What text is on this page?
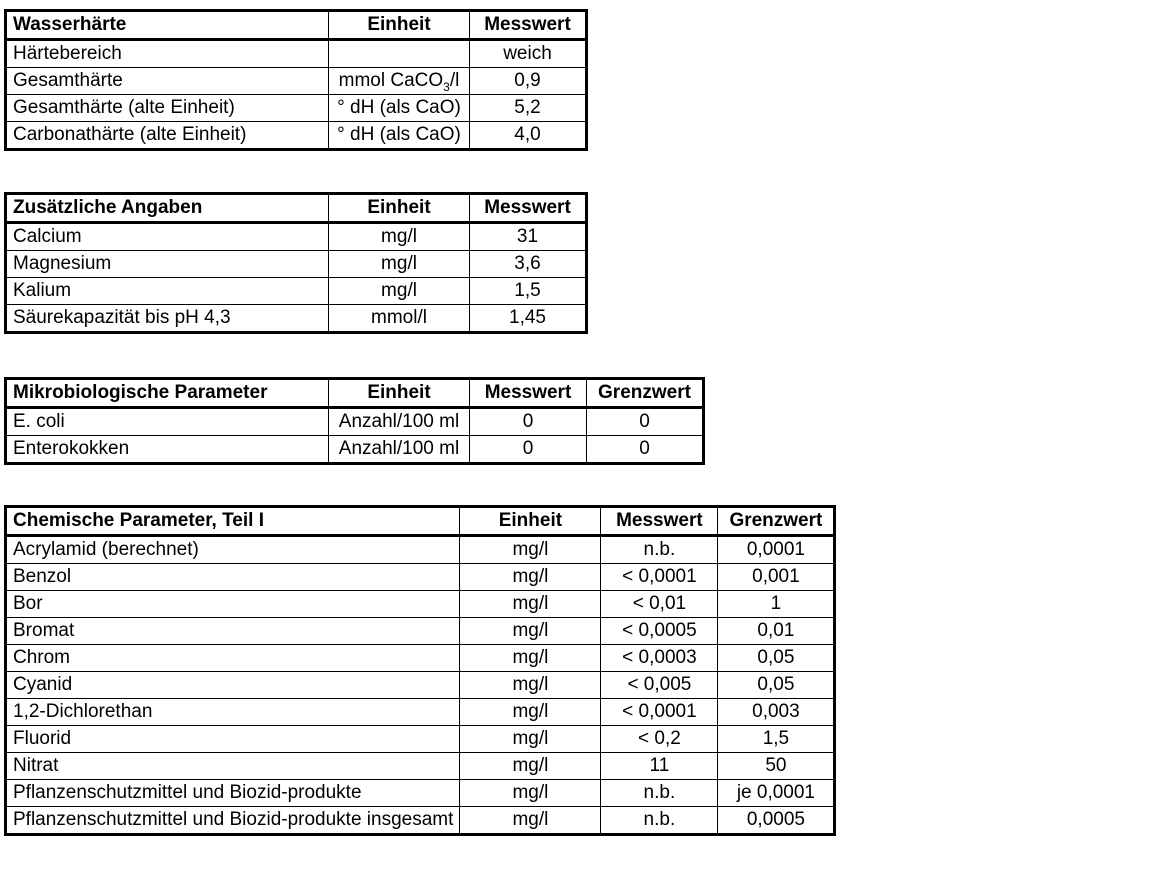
Wasserhärte	Einheit	Messwert
Härtebereich		weich
Gesamthärte	mmol CaCO$_3$/l	0,9
Gesamthärte (alte Einheit)	° dH (als CaO)	5,2
Carbonathärte (alte Einheit)	° dH (als CaO)	4,0
Zusätzliche Angaben	Einheit	Messwert
Calcium	mg/l	31
Magnesium	mg/l	3,6
Kalium	mg/l	1,5
Säurekapazität bis pH 4,3	mmol/l	1,45
Mikrobiologische Parameter	Einheit	Messwert	Grenzwert
E. coli	Anzahl/100 ml	0	0
Enterokokken	Anzahl/100 ml	0	0
Chemische Parameter, Teil I	Einheit	Messwert	Grenzwert
Acrylamid (berechnet)	mg/l	n.b.	0,0001
Benzol	mg/l	< 0,0001	0,001
Bor	mg/l	< 0,01	1
Bromat	mg/l	< 0,0005	0,01
Chrom	mg/l	< 0,0003	0,05
Cyanid	mg/l	< 0,005	0,05
1,2-Dichlorethan	mg/l	< 0,0001	0,003
Fluorid	mg/l	< 0,2	1,5
Nitrat	mg/l	11	50
Pflanzenschutzmittel und Biozid-produkte	mg/l	n.b.	je 0,0001
Pflanzenschutzmittel und Biozid-produkte insgesamt	mg/l	n.b.	0,0005
